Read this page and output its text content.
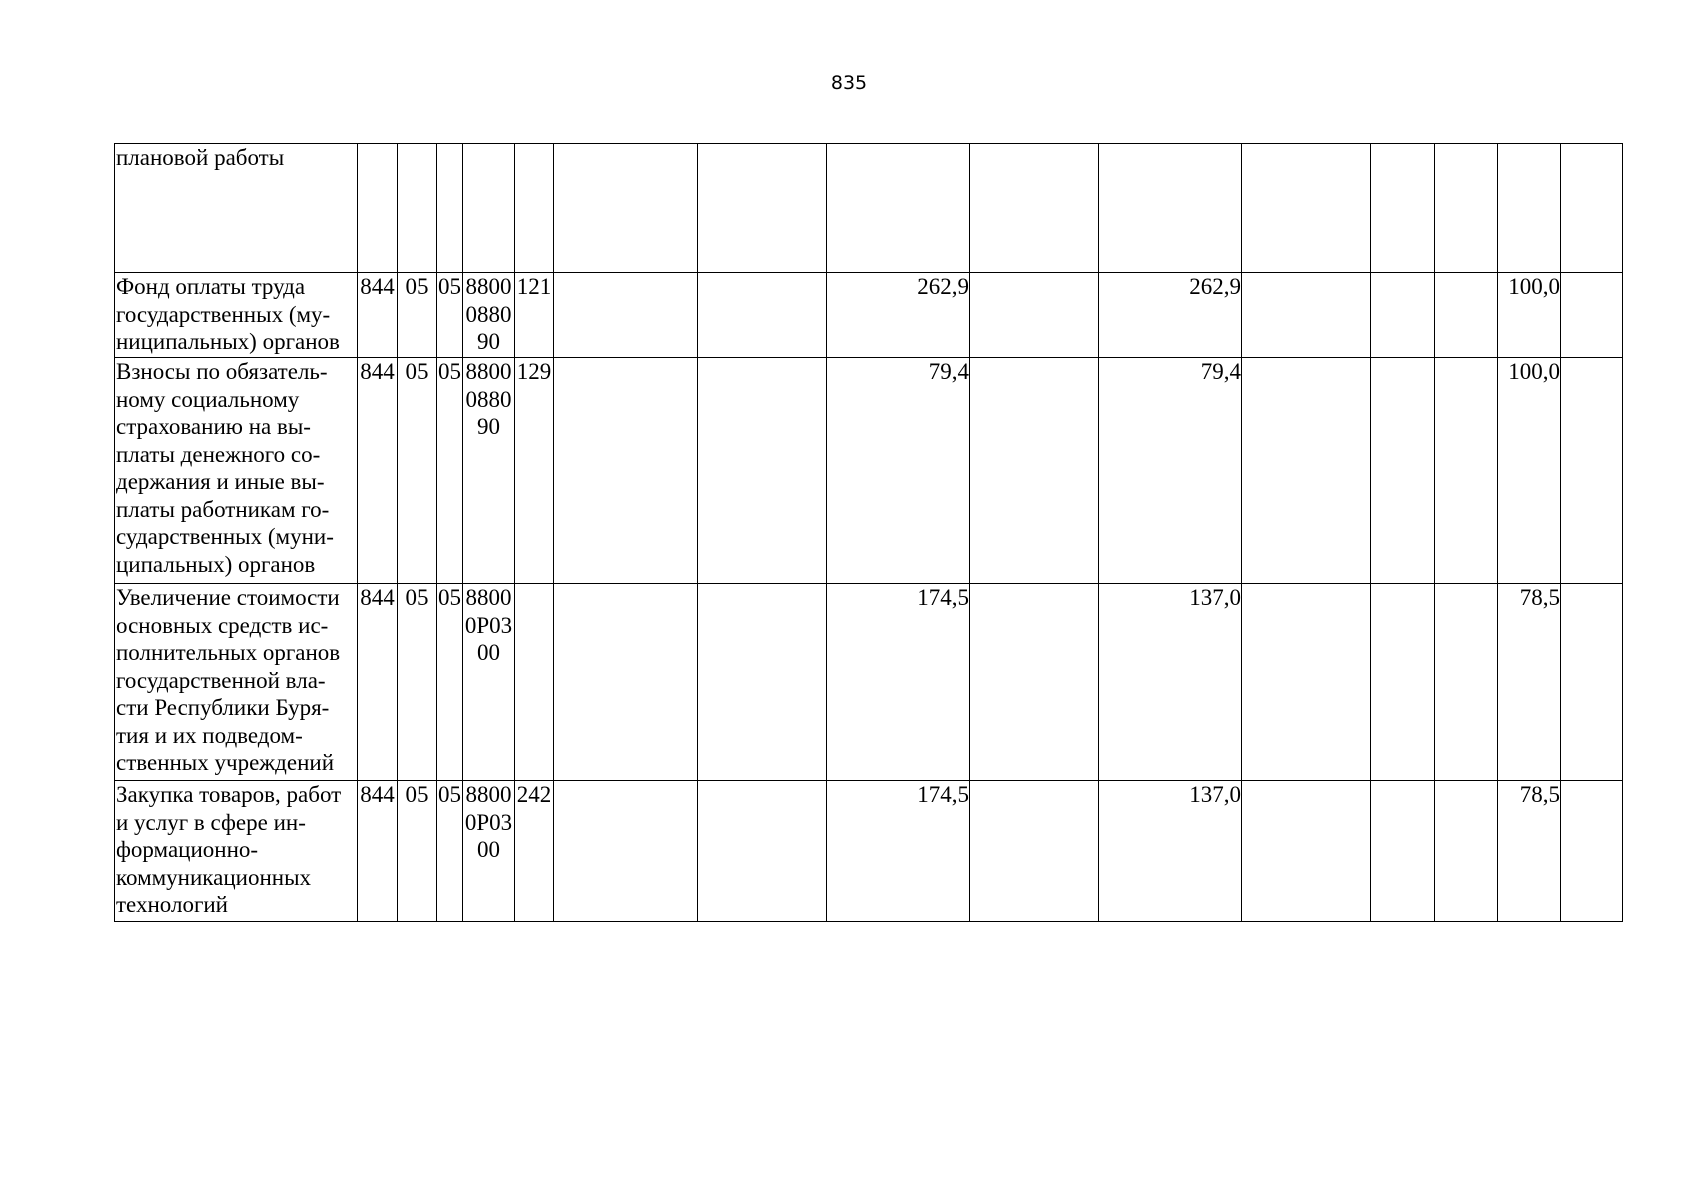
835
плановой работы															
Фонд оплаты труда государственных (му- ниципальных) органов	844	05	05	8800088090	121			262,9		262,9				100,0	
Взносы по обязатель- ному социальному страхованию на вы- платы денежного со- держания и иные вы- платы работникам го- сударственных (муни- ципальных) органов	844	05	05	8800088090	129			79,4		79,4				100,0	
Увеличение стоимости основных средств ис- полнительных органов государственной вла- сти Республики Буря- тия и их подведом- ственных учреждений	844	05	05	88000P0300				174,5		137,0				78,5	
Закупка товаров, работ и услуг в сфере ин- формационно- коммуникационных технологий	844	05	05	88000P0300	242			174,5		137,0				78,5	
